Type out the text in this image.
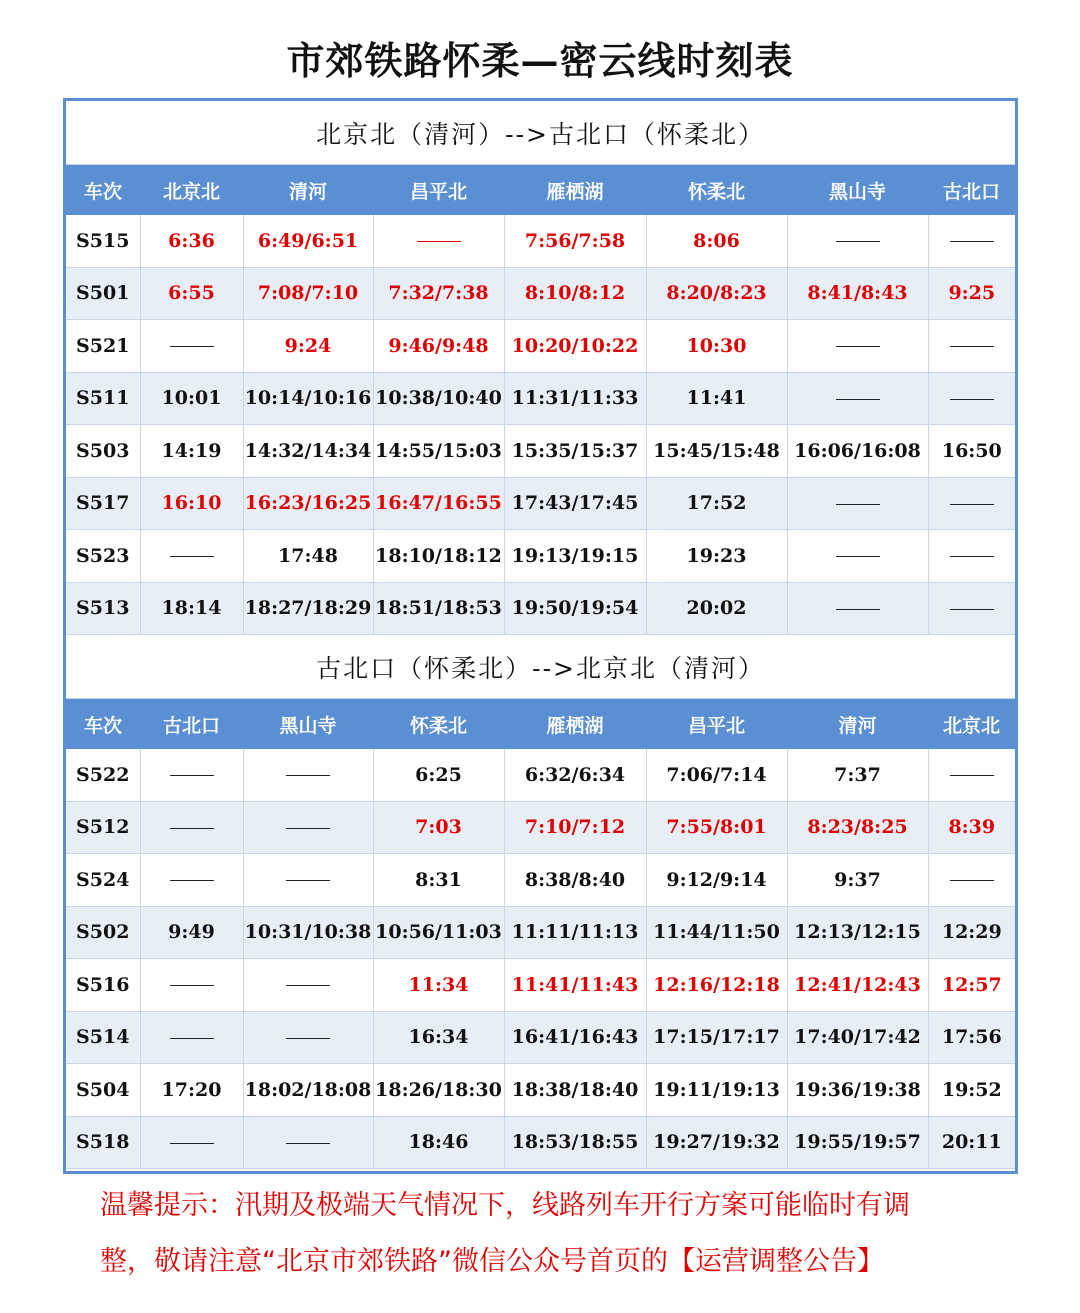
市郊铁路怀柔—密云线时刻表
北京北（清河）-->古北口（怀柔北）							
车次	北京北	清河	昌平北	雁栖湖	怀柔北	黑山寺	古北口
S515	6:36	6:49/6:51		7:56/7:58	8:06		
S501	6:55	7:08/7:10	7:32/7:38	8:10/8:12	8:20/8:23	8:41/8:43	9:25
S521		9:24	9:46/9:48	10:20/10:22	10:30		
S511	10:01	10:14/10:16	10:38/10:40	11:31/11:33	11:41		
S503	14:19	14:32/14:34	14:55/15:03	15:35/15:37	15:45/15:48	16:06/16:08	16:50
S517	16:10	16:23/16:25	16:47/16:55	17:43/17:45	17:52		
S523		17:48	18:10/18:12	19:13/19:15	19:23		
S513	18:14	18:27/18:29	18:51/18:53	19:50/19:54	20:02		
古北口（怀柔北）-->北京北（清河）							
车次	古北口	黑山寺	怀柔北	雁栖湖	昌平北	清河	北京北
S522			6:25	6:32/6:34	7:06/7:14	7:37	
S512			7:03	7:10/7:12	7:55/8:01	8:23/8:25	8:39
S524			8:31	8:38/8:40	9:12/9:14	9:37	
S502	9:49	10:31/10:38	10:56/11:03	11:11/11:13	11:44/11:50	12:13/12:15	12:29
S516			11:34	11:41/11:43	12:16/12:18	12:41/12:43	12:57
S514			16:34	16:41/16:43	17:15/17:17	17:40/17:42	17:56
S504	17:20	18:02/18:08	18:26/18:30	18:38/18:40	19:11/19:13	19:36/19:38	19:52
S518			18:46	18:53/18:55	19:27/19:32	19:55/19:57	20:11
温馨提示：汛期及极端天气情况下，线路列车开行方案可能临时有调
整，敬请注意“北京市郊铁路”微信公众号首页的【运营调整公告】
